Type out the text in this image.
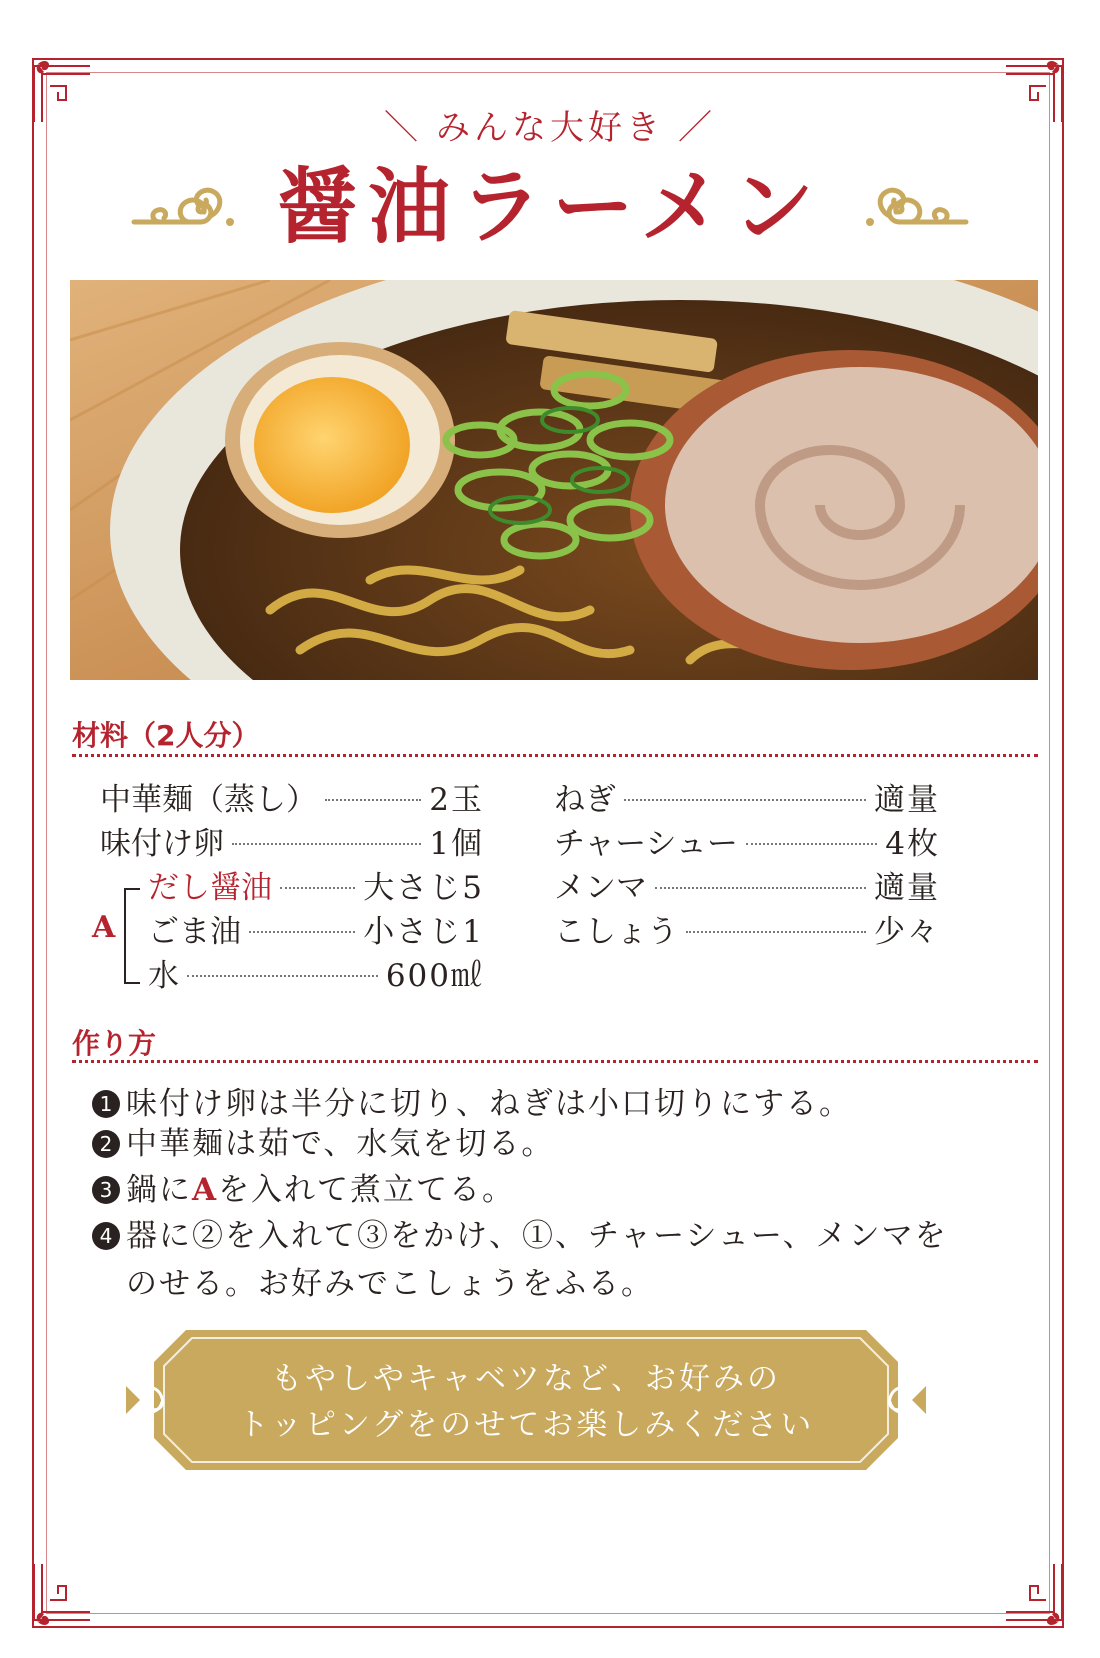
＼ みんな大好き ／
醤油ラーメン
材料（2人分）
中華麺（蒸し）	2玉
味付け卵	1個
A
だし醤油	大さじ5
ごま油	小さじ1
水	600㎖
ねぎ	適量
チャーシュー	4枚
メンマ	適量
こしょう	少々
作り方
1 味付け卵は半分に切り、ねぎは小口切りにする。
2 中華麺は茹で、水気を切る。
3 鍋にAを入れて煮立てる。
4 器に②を入れて③をかけ、①、チャーシュー、メンマをのせる。お好みでこしょうをふる。
もやしやキャベツなど、お好みの
トッピングをのせてお楽しみください
